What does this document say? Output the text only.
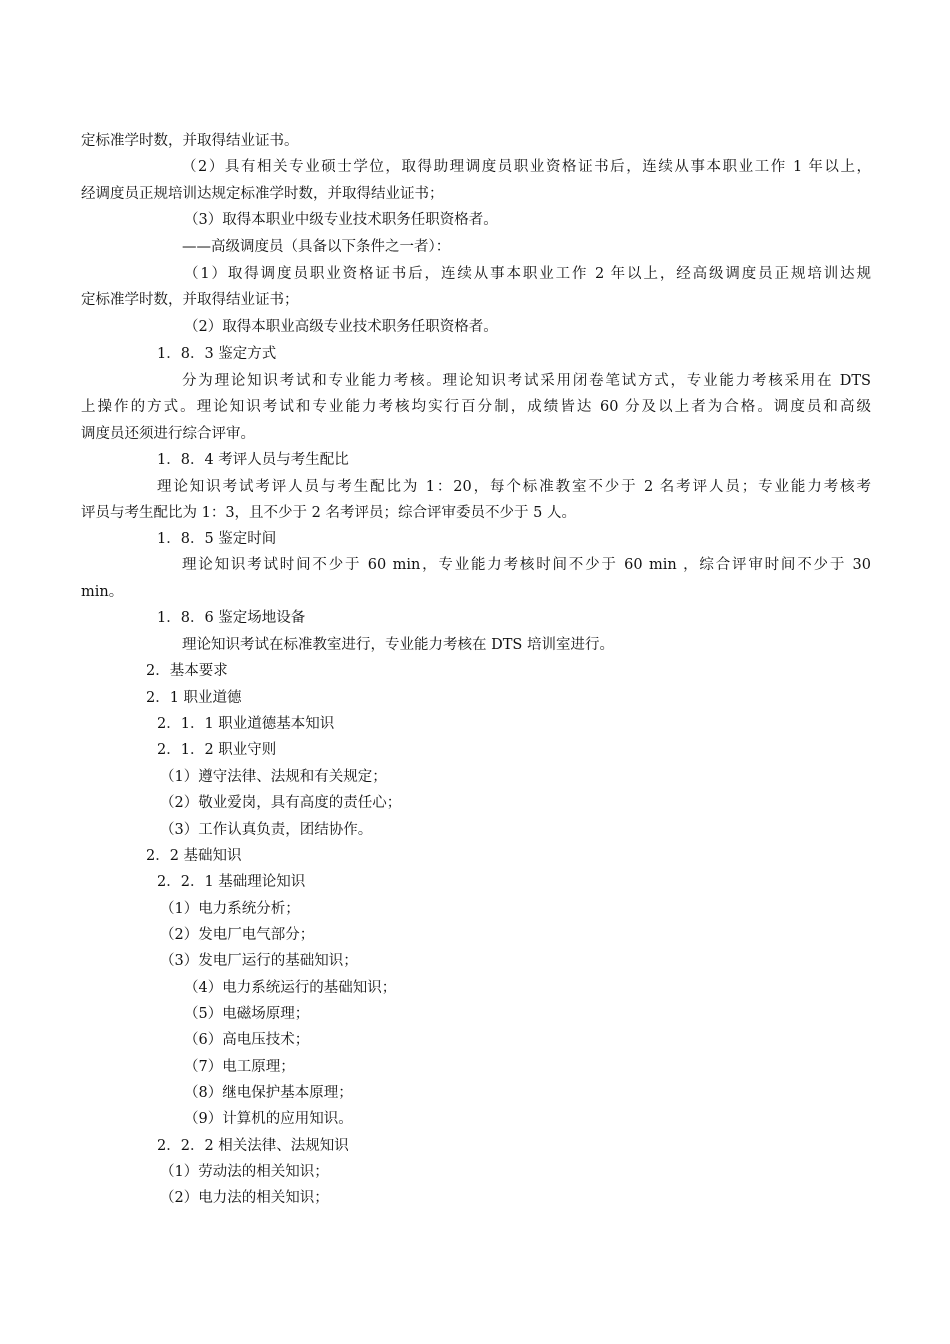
定标准学时数，并取得结业证书。
（2）具有相关专业硕士学位，取得助理调度员职业资格证书后，连续从事本职业工作 1 年以上，
经调度员正规培训达规定标准学时数，并取得结业证书；
（3）取得本职业中级专业技术职务任职资格者。
——高级调度员（具备以下条件之一者）：
（1）取得调度员职业资格证书后，连续从事本职业工作 2 年以上，经高级调度员正规培训达规
定标准学时数，并取得结业证书；
（2）取得本职业高级专业技术职务任职资格者。
1．8．3 鉴定方式
分为理论知识考试和专业能力考核。理论知识考试采用闭卷笔试方式，专业能力考核采用在 DTS
上操作的方式。理论知识考试和专业能力考核均实行百分制，成绩皆达 60 分及以上者为合格。调度员和高级
调度员还须进行综合评审。
1．8．4 考评人员与考生配比
理论知识考试考评人员与考生配比为 1：20，每个标准教室不少于 2 名考评人员；专业能力考核考
评员与考生配比为 1：3，且不少于 2 名考评员；综合评审委员不少于 5 人。
1．8．5 鉴定时间
理论知识考试时间不少于 60 min，专业能力考核时间不少于 60 min ，综合评审时间不少于 30
min。
1．8．6 鉴定场地设备
理论知识考试在标准教室进行，专业能力考核在 DTS 培训室进行。
2．基本要求
2．1 职业道德
2．1．1 职业道德基本知识
2．1．2 职业守则
（1）遵守法律、法规和有关规定；
（2）敬业爱岗，具有高度的责任心；
（3）工作认真负责，团结协作。
2．2 基础知识
2．2．1 基础理论知识
（1）电力系统分析；
（2）发电厂电气部分；
（3）发电厂运行的基础知识；
（4）电力系统运行的基础知识；
（5）电磁场原理；
（6）高电压技术；
（7）电工原理；
（8）继电保护基本原理；
（9）计算机的应用知识。
2．2．2 相关法律、法规知识
（1）劳动法的相关知识；
（2）电力法的相关知识；
